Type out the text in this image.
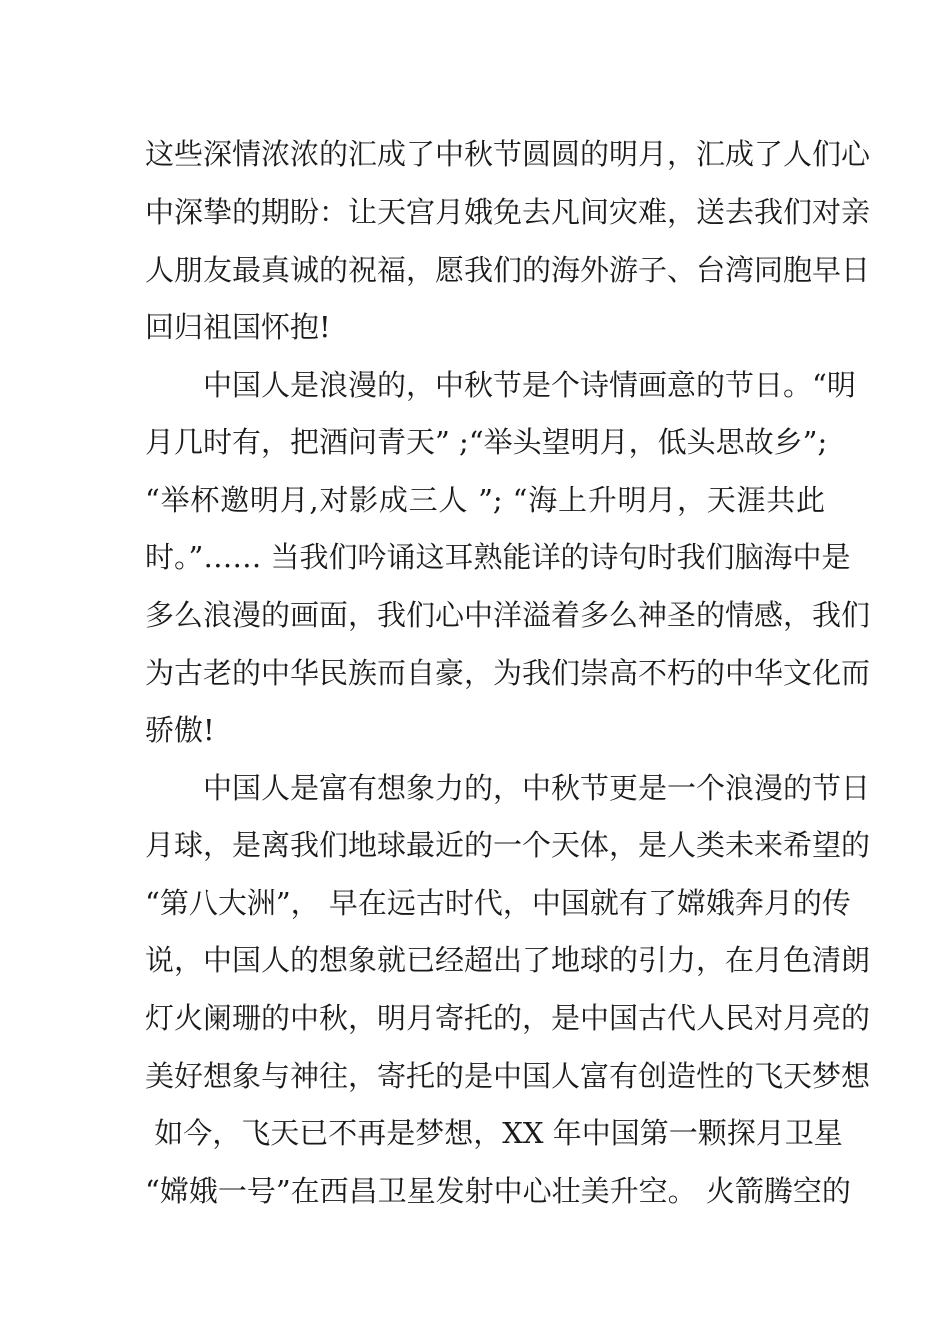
这些深情浓浓的汇成了中秋节圆圆的明月，汇成了人们心
中深挚的期盼：让天宫月娥免去凡间灾难，送去我们对亲
人朋友最真诚的祝福，愿我们的海外游子、台湾同胞早日
回归祖国怀抱!
　　中国人是浪漫的，中秋节是个诗情画意的节日。“明
月几时有，把酒问青天” ;“举头望明月，低头思故乡”;
“举杯邀明月,对影成三人 ”; “海上升明月，天涯共此
时。”…… 当我们吟诵这耳熟能详的诗句时我们脑海中是
多么浪漫的画面，我们心中洋溢着多么神圣的情感，我们
为古老的中华民族而自豪，为我们崇高不朽的中华文化而
骄傲!
　　中国人是富有想象力的，中秋节更是一个浪漫的节日
月球，是离我们地球最近的一个天体，是人类未来希望的
“第八大洲”， 早在远古时代，中国就有了嫦娥奔月的传
说，中国人的想象就已经超出了地球的引力，在月色清朗
灯火阑珊的中秋，明月寄托的，是中国古代人民对月亮的
美好想象与神往，寄托的是中国人富有创造性的飞天梦想
如今，飞天已不再是梦想，XX 年中国第一颗探月卫星
“嫦娥一号”在西昌卫星发射中心壮美升空。 火箭腾空的
